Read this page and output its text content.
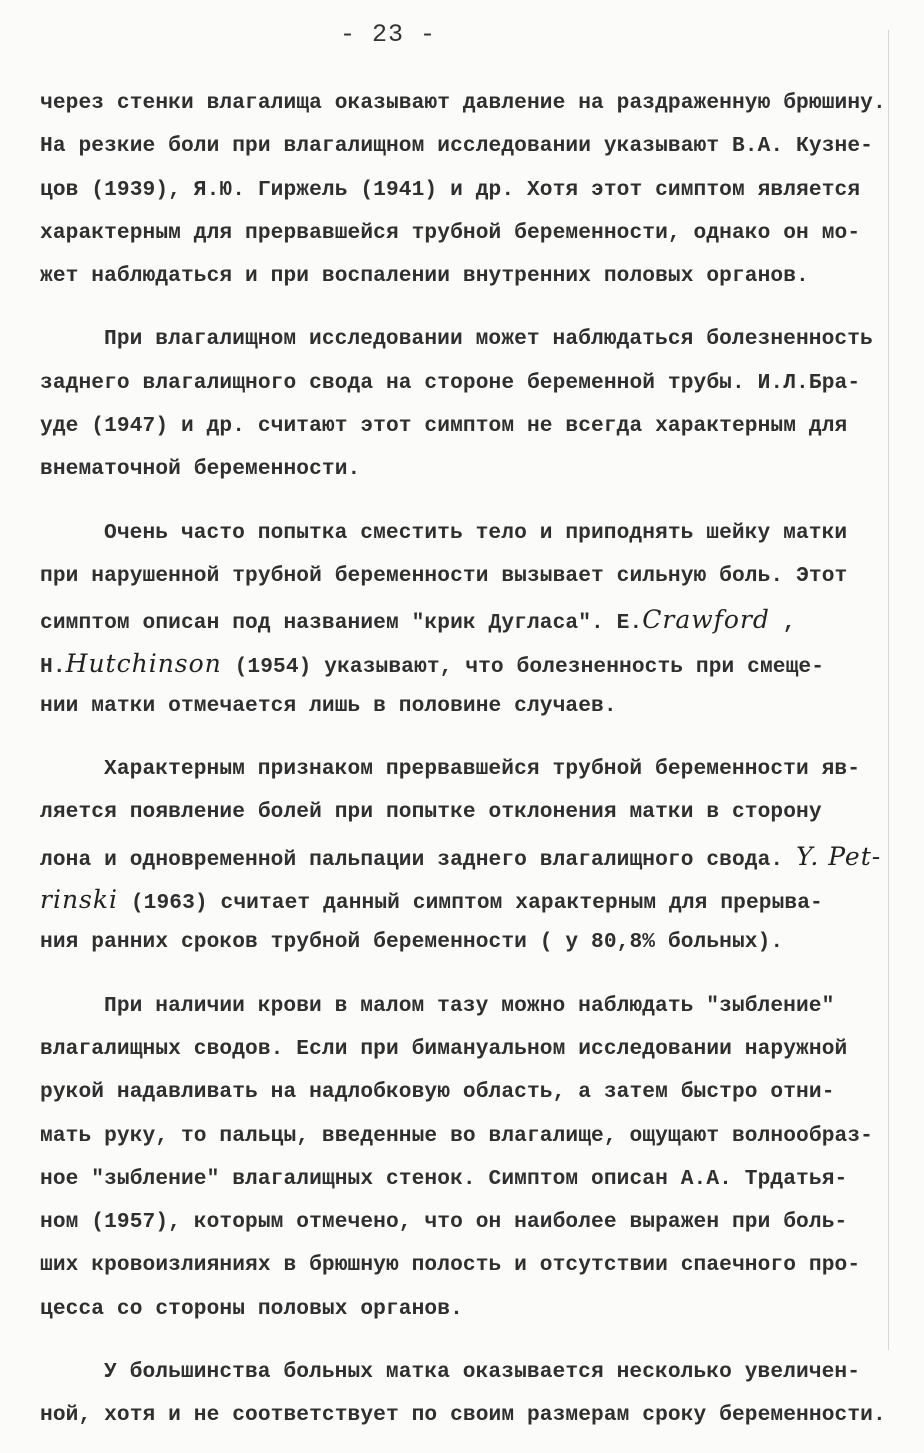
- 23 -
через стенки влагалища оказывают давление на раздраженную брюшину.
На резкие боли при влагалищном исследовании указывают В.А. Кузне-
цов (1939), Я.Ю. Гиржель (1941) и др. Хотя этот симптом является
характерным для прервавшейся трубной беременности, однако он мо-
жет наблюдаться и при воспалении внутренних половых органов.
При влагалищном исследовании может наблюдаться болезненность
заднего влагалищного свода на стороне беременной трубы. И.Л.Бра-
уде (1947) и др. считают этот симптом не всегда характерным для
внематочной беременности.
Очень часто попытка сместить тело и приподнять шейку матки
при нарушенной трубной беременности вызывает сильную боль. Этот
симптом описан под названием "крик Дугласа". Е.Crawford ,
Н.Hutchinson (1954) указывают, что болезненность при смеще-
нии матки отмечается лишь в половине случаев.
Характерным признаком прервавшейся трубной беременности яв-
ляется появление болей при попытке отклонения матки в сторону
лона и одновременной пальпации заднего влагалищного свода. Y. Pet-
rinski (1963) считает данный симптом характерным для прерыва-
ния ранних сроков трубной беременности ( у 80,8% больных).
При наличии крови в малом тазу можно наблюдать "зыбление"
влагалищных сводов. Если при бимануальном исследовании наружной
рукой надавливать на надлобковую область, а затем быстро отни-
мать руку, то пальцы, введенные во влагалище, ощущают волнообраз-
ное "зыбление" влагалищных стенок. Симптом описан А.А. Трдатья-
ном (1957), которым отмечено, что он наиболее выражен при боль-
ших кровоизлияниях в брюшную полость и отсутствии спаечного про-
цесса со стороны половых органов.
У большинства больных матка оказывается несколько увеличен-
ной, хотя и не соответствует по своим размерам сроку беременности.
